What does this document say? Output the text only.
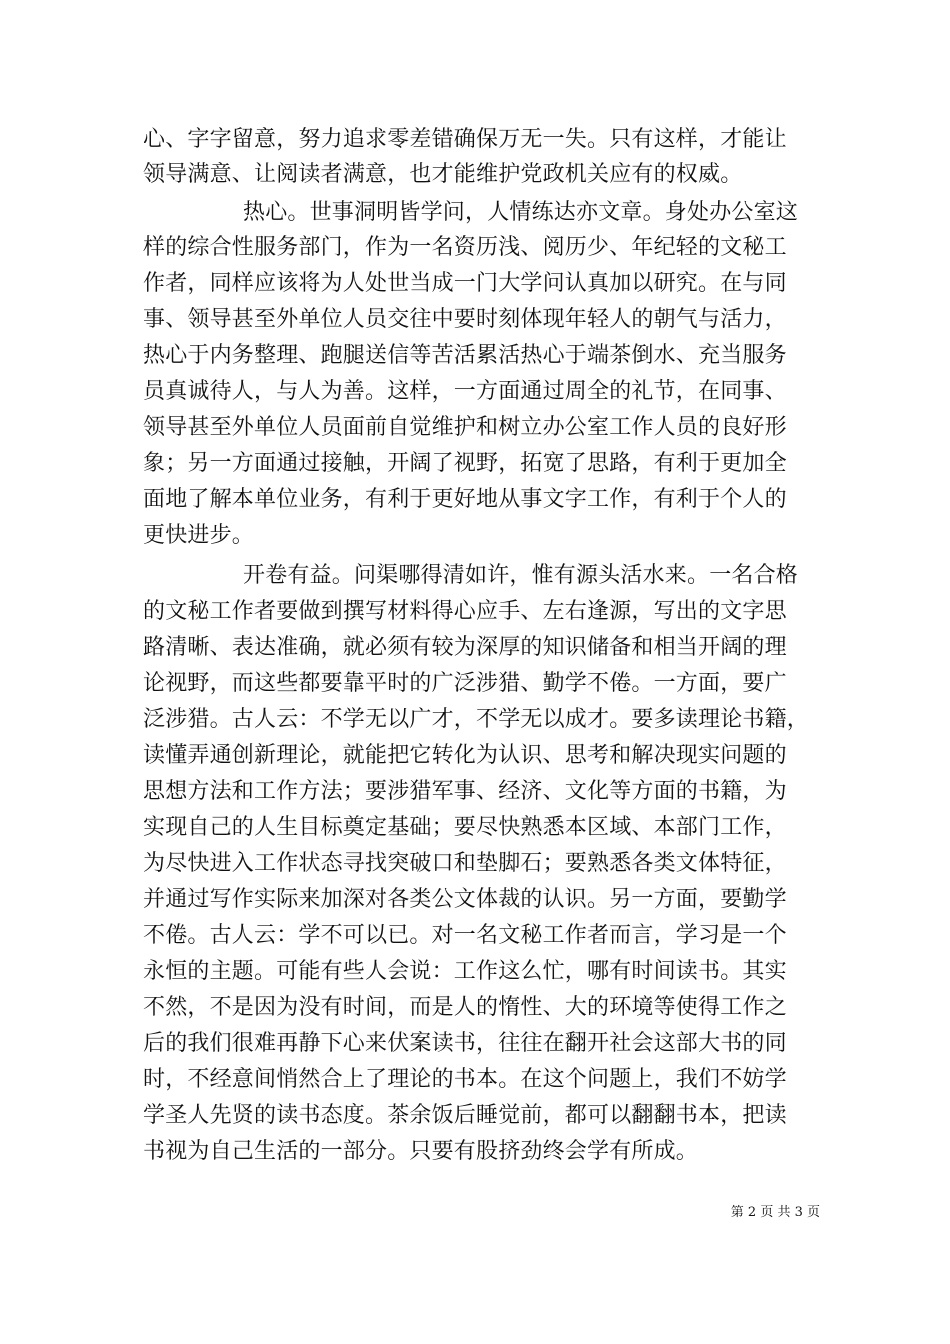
心、字字留意，努力追求零差错确保万无一失。只有这样，才能让
领导满意、让阅读者满意，也才能维护党政机关应有的权威。
热心。世事洞明皆学问，人情练达亦文章。身处办公室这
样的综合性服务部门，作为一名资历浅、阅历少、年纪轻的文秘工
作者，同样应该将为人处世当成一门大学问认真加以研究。在与同
事、领导甚至外单位人员交往中要时刻体现年轻人的朝气与活力，
热心于内务整理、跑腿送信等苦活累活热心于端茶倒水、充当服务
员真诚待人，与人为善。这样，一方面通过周全的礼节，在同事、
领导甚至外单位人员面前自觉维护和树立办公室工作人员的良好形
象；另一方面通过接触，开阔了视野，拓宽了思路，有利于更加全
面地了解本单位业务，有利于更好地从事文字工作，有利于个人的
更快进步。
开卷有益。问渠哪得清如许，惟有源头活水来。一名合格
的文秘工作者要做到撰写材料得心应手、左右逢源，写出的文字思
路清晰、表达准确，就必须有较为深厚的知识储备和相当开阔的理
论视野，而这些都要靠平时的广泛涉猎、勤学不倦。一方面，要广
泛涉猎。古人云：不学无以广才，不学无以成才。要多读理论书籍，
读懂弄通创新理论，就能把它转化为认识、思考和解决现实问题的
思想方法和工作方法；要涉猎军事、经济、文化等方面的书籍，为
实现自己的人生目标奠定基础；要尽快熟悉本区域、本部门工作，
为尽快进入工作状态寻找突破口和垫脚石；要熟悉各类文体特征，
并通过写作实际来加深对各类公文体裁的认识。另一方面，要勤学
不倦。古人云：学不可以已。对一名文秘工作者而言，学习是一个
永恒的主题。可能有些人会说：工作这么忙，哪有时间读书。其实
不然，不是因为没有时间，而是人的惰性、大的环境等使得工作之
后的我们很难再静下心来伏案读书，往往在翻开社会这部大书的同
时，不经意间悄然合上了理论的书本。在这个问题上，我们不妨学
学圣人先贤的读书态度。茶余饭后睡觉前，都可以翻翻书本，把读
书视为自己生活的一部分。只要有股挤劲终会学有所成。
第 2 页 共 3 页
